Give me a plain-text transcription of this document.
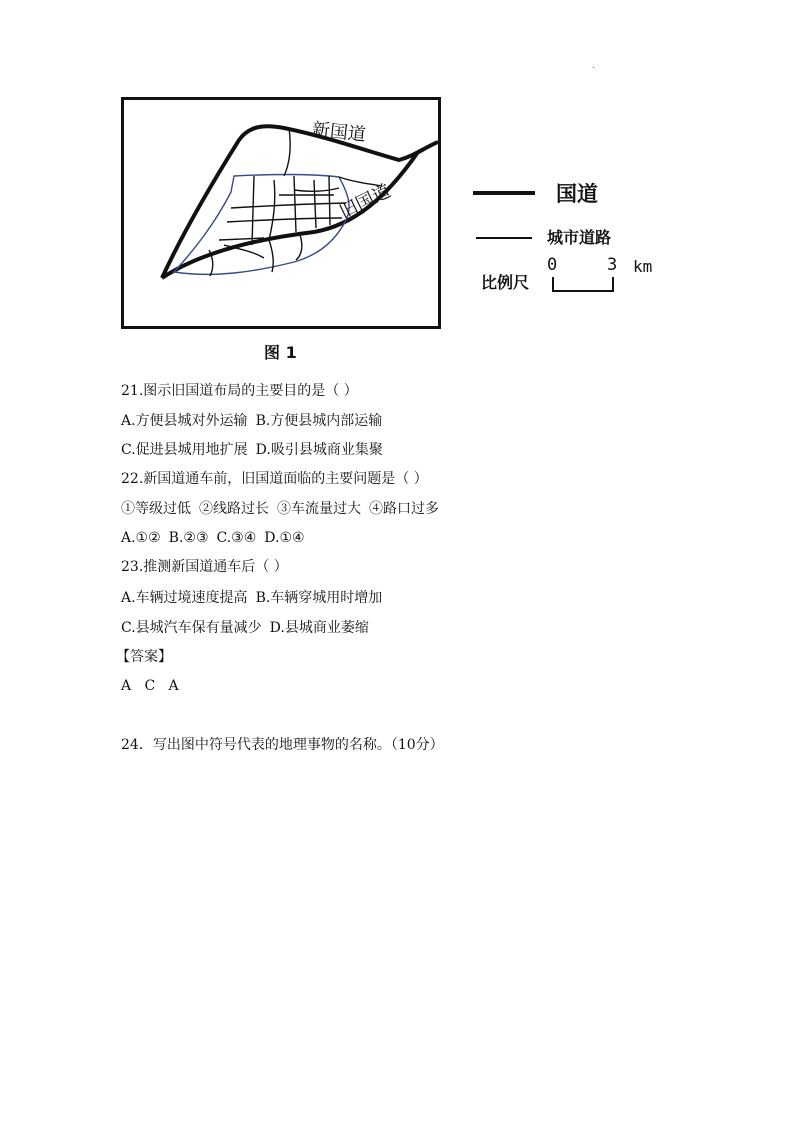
.
新国道
旧国道	国道
城市道路
比例尺
0	3 km
图 1
21.图示旧国道布局的主要目的是（ ）
A.方便县城对外运输 B.方便县城内部运输
C.促进县城用地扩展 D.吸引县城商业集聚
22.新国道通车前，旧国道面临的主要问题是（ ）
①等级过低 ②线路过长 ③车流量过大 ④路口过多
A.①② B.②③ C.③④ D.①④
23.推测新国道通车后（ ）
A.车辆过境速度提高 B.车辆穿城用时增加
C.县城汽车保有量减少 D.县城商业萎缩
【答案】
A   C   A
24．写出图中符号代表的地理事物的名称。（10分）
